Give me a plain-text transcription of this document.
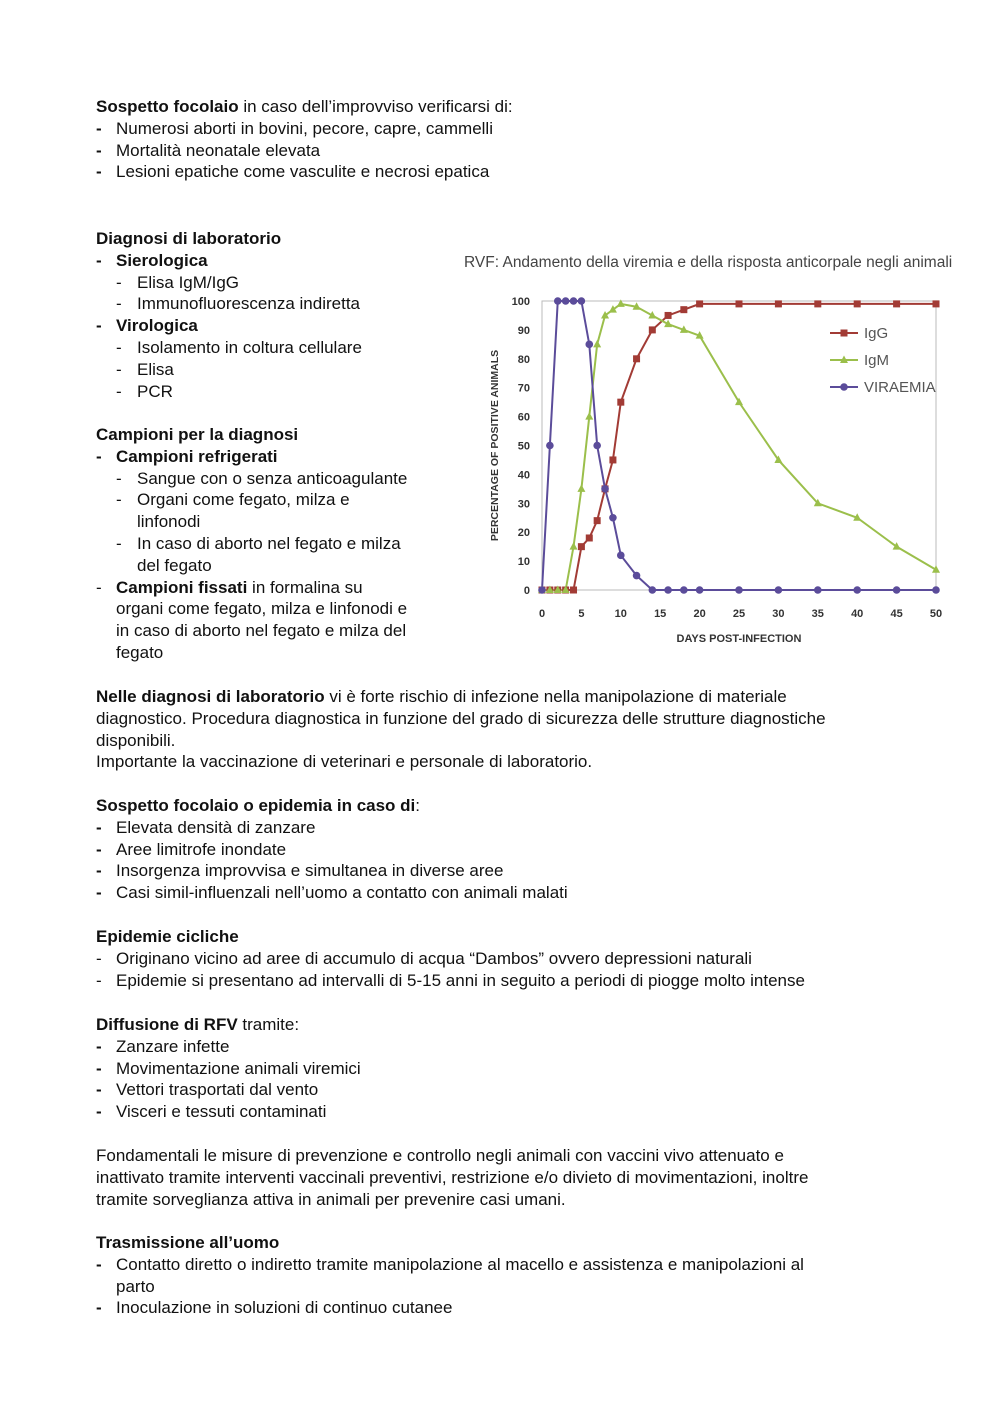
Sospetto focolaio in caso dell’improvviso verificarsi di:
- Numerosi aborti in bovini, pecore, capre, cammelli
- Mortalità neonatale elevata
- Lesioni epatiche come vasculite e necrosi epatica
Diagnosi di laboratorio
- Sierologica
- Elisa IgM/IgG
- Immunofluorescenza indiretta
- Virologica
- Isolamento in coltura cellulare
- Elisa
- PCR
Campioni per la diagnosi
- Campioni refrigerati
- Sangue con o senza anticoagulante
- Organi come fegato, milza e
linfonodi
- In caso di aborto nel fegato e milza
del fegato
- Campioni fissati in formalina su
organi come fegato, milza e linfonodi e
in caso di aborto nel fegato e milza del
fegato
Nelle diagnosi di laboratorio vi è forte rischio di infezione nella manipolazione di materiale
diagnostico. Procedura diagnostica in funzione del grado di sicurezza delle strutture diagnostiche
disponibili.
Importante la vaccinazione di veterinari e personale di laboratorio.
Sospetto focolaio o epidemia in caso di:
- Elevata densità di zanzare
- Aree limitrofe inondate
- Insorgenza improvvisa e simultanea in diverse aree
- Casi simil-influenzali nell’uomo a contatto con animali malati
Epidemie cicliche
- Originano vicino ad aree di accumulo di acqua “Dambos” ovvero depressioni naturali
- Epidemie si presentano ad intervalli di 5-15 anni in seguito a periodi di piogge molto intense
Diffusione di RFV tramite:
- Zanzare infette
- Movimentazione animali viremici
- Vettori trasportati dal vento
- Visceri e tessuti contaminati
Fondamentali le misure di prevenzione e controllo negli animali con vaccini vivo attenuato e
inattivato tramite interventi vaccinali preventivi, restrizione e/o divieto di movimentazioni, inoltre
tramite sorveglianza attiva in animali per prevenire casi umani.
Trasmissione all’uomo
- Contatto diretto o indiretto tramite manipolazione al macello e assistenza e manipolazioni al
parto
- Inoculazione in soluzioni di continuo cutanee
RVF: Andamento della viremia e della risposta anticorpale negli animali
0
10
20
30
40
50
60
70
80
90
100
0	5	10 15 20 25 30 35 40 45 50
DAYS POST-INFECTION
PERCENTAGE OF POSITIVE ANIMALS
IgG
IgM
VIRAEMIA
